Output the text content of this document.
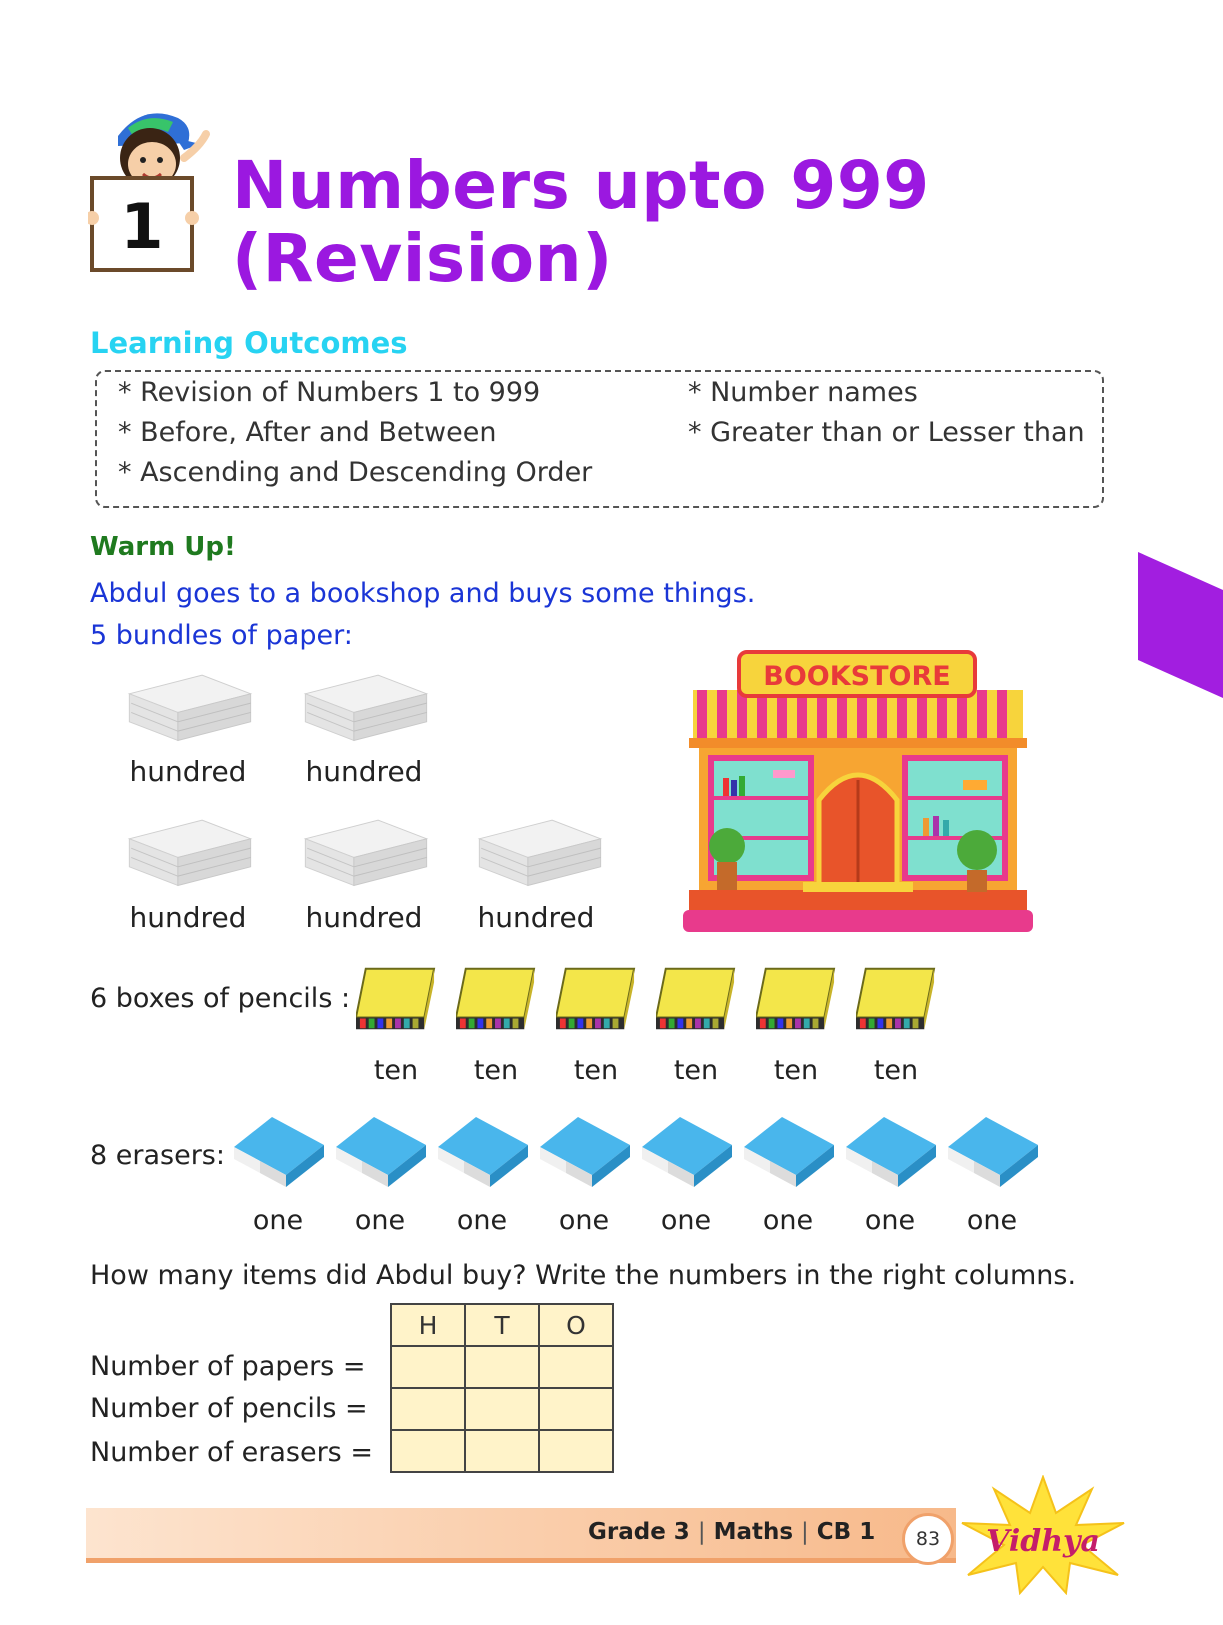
1
Numbers upto 999
(Revision)
Learning Outcomes
* Revision of Numbers 1 to 999
* Before, After and Between
* Ascending and Descending Order
* Number names
* Greater than or Lesser than
Warm Up!
Abdul goes to a bookshop and buys some things.
5 bundles of paper:
hundred	hundred
hundred	hundred	hundred
BOOKSTORE
6 boxes of pencils :
ten	ten	ten	ten	ten	ten
8 erasers:
one	one	one	one	one	one	one	one
How many items did Abdul buy? Write the numbers in the right columns.
H	T	O

Number of papers =
Number of pencils =
Number of erasers =
Grade 3 | Maths | CB 1	83	Vidhya
